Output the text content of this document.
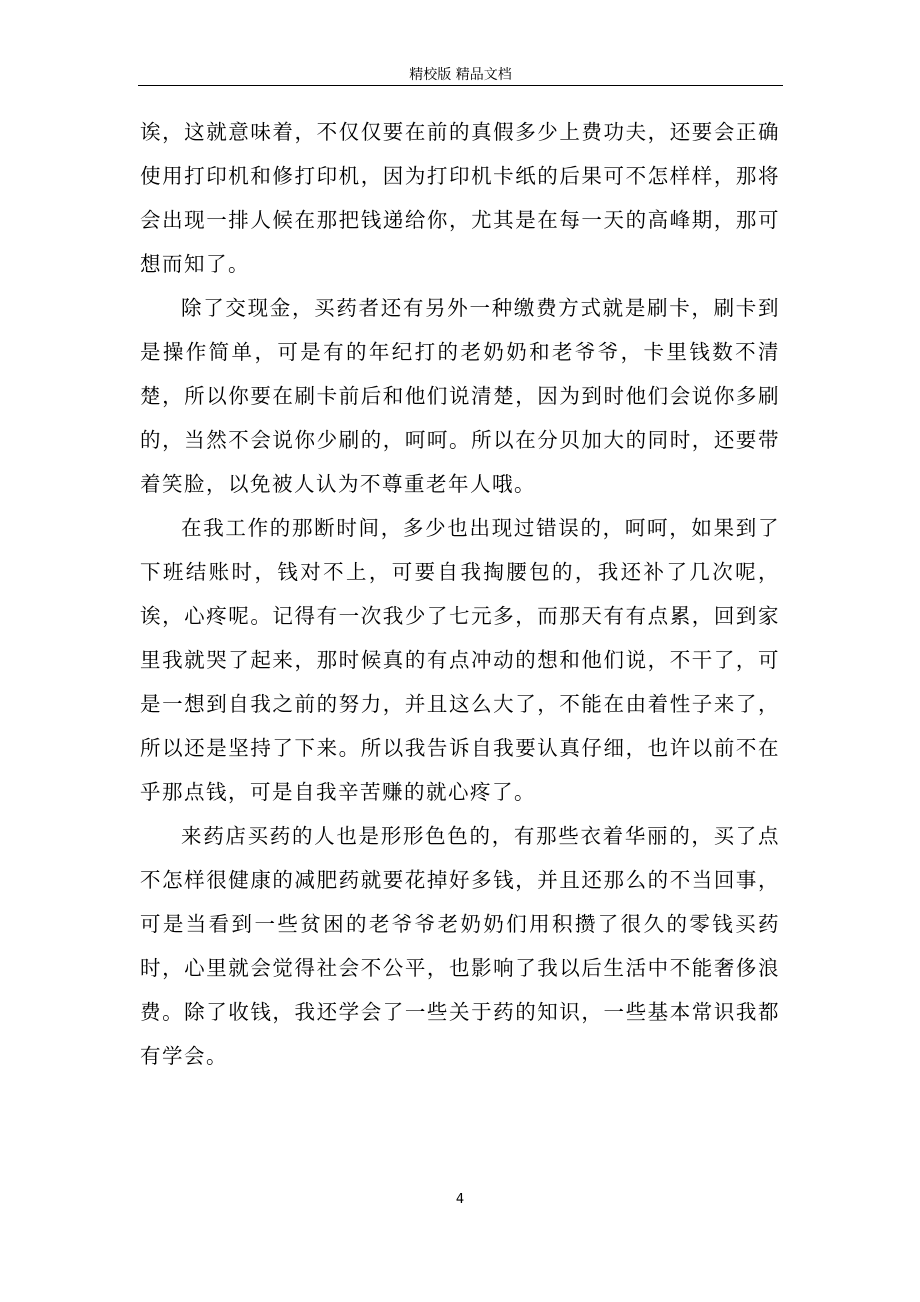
精校版 精品文档

诶，这就意味着，不仅仅要在前的真假多少上费功夫，还要会正确使用打印机和修打印机，因为打印机卡纸的后果可不怎样样，那将会出现一排人候在那把钱递给你，尤其是在每一天的高峰期，那可想而知了。

除了交现金，买药者还有另外一种缴费方式就是刷卡，刷卡到是操作简单，可是有的年纪打的老奶奶和老爷爷，卡里钱数不清楚，所以你要在刷卡前后和他们说清楚，因为到时他们会说你多刷的，当然不会说你少刷的，呵呵。所以在分贝加大的同时，还要带着笑脸，以免被人认为不尊重老年人哦。

在我工作的那断时间，多少也出现过错误的，呵呵，如果到了下班结账时，钱对不上，可要自我掏腰包的，我还补了几次呢，诶，心疼呢。记得有一次我少了七元多，而那天有有点累，回到家里我就哭了起来，那时候真的有点冲动的想和他们说，不干了，可是一想到自我之前的努力，并且这么大了，不能在由着性子来了，所以还是坚持了下来。所以我告诉自我要认真仔细，也许以前不在乎那点钱，可是自我辛苦赚的就心疼了。

来药店买药的人也是形形色色的，有那些衣着华丽的，买了点不怎样很健康的减肥药就要花掉好多钱，并且还那么的不当回事，可是当看到一些贫困的老爷爷老奶奶们用积攒了很久的零钱买药时，心里就会觉得社会不公平，也影响了我以后生活中不能奢侈浪费。除了收钱，我还学会了一些关于药的知识，一些基本常识我都有学会。

4
